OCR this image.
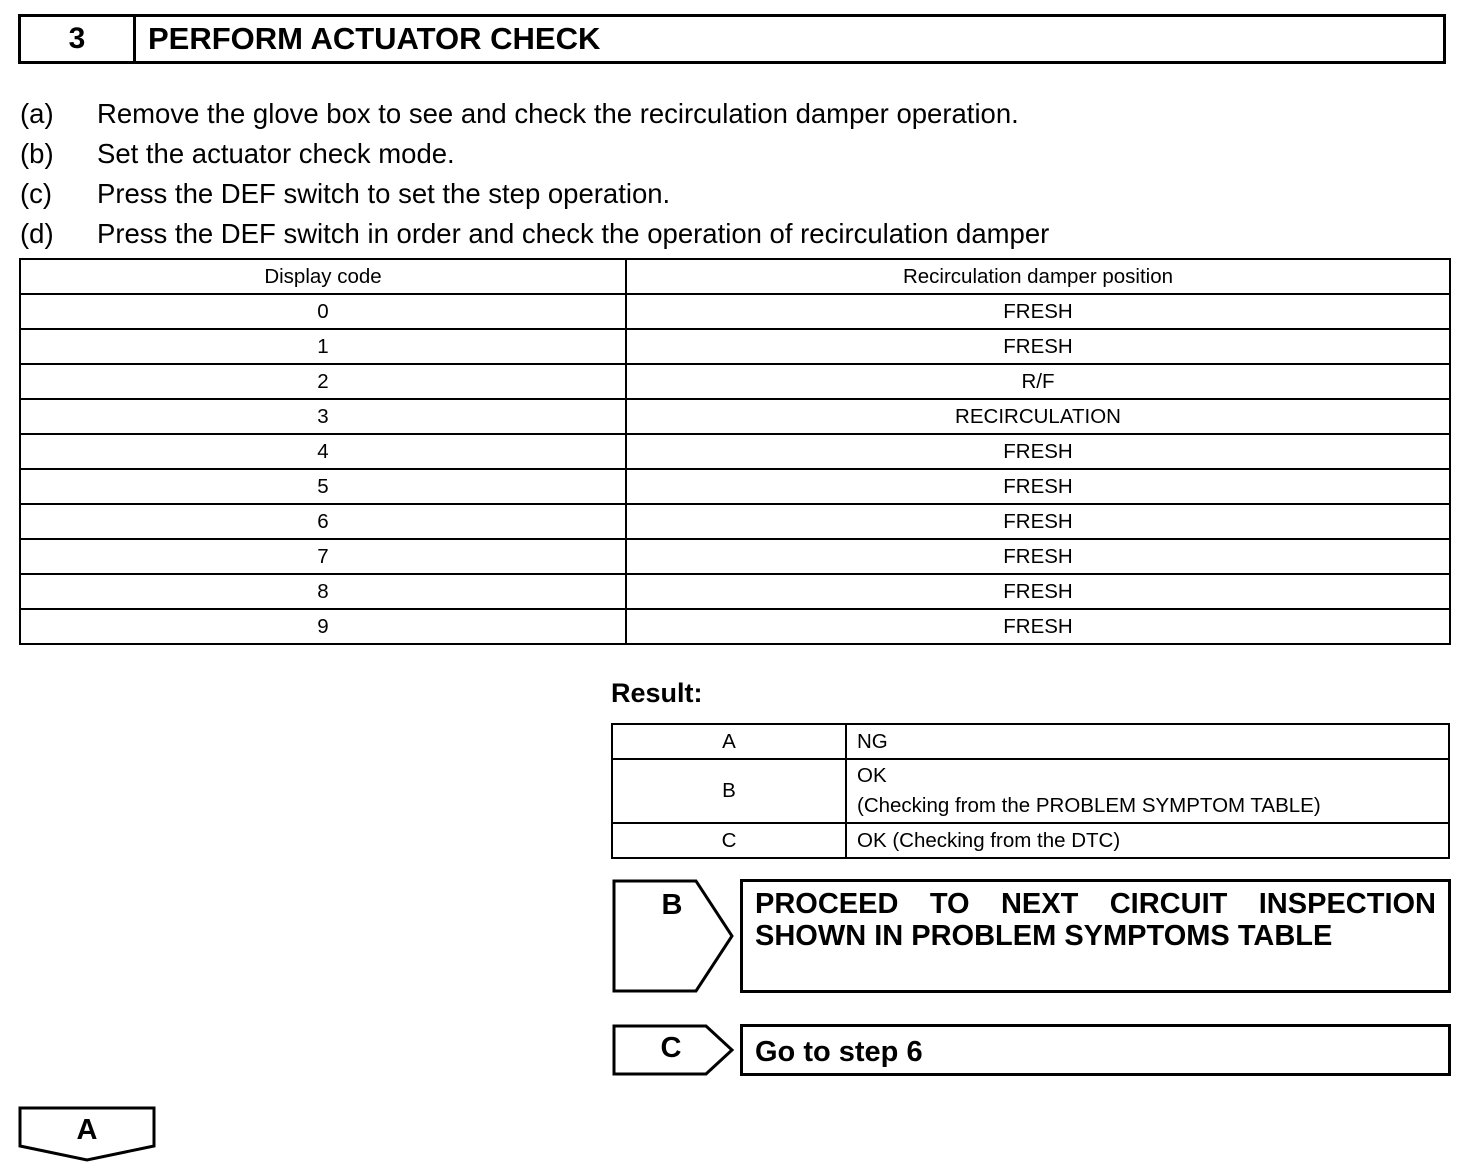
3	PERFORM ACTUATOR CHECK
(a)	Remove the glove box to see and check the recirculation damper operation.
(b)	Set the actuator check mode.
(c)	Press the DEF switch to set the step operation.
(d)	Press the DEF switch in order and check the operation of recirculation damper
Display code	Recirculation damper position
0	FRESH
1	FRESH
2	R/F
3	RECIRCULATION
4	FRESH
5	FRESH
6	FRESH
7	FRESH
8	FRESH
9	FRESH
Result:
A	NG
B	OK
(Checking from the PROBLEM SYMPTOM TABLE)

C	OK (Checking from the DTC)
B	PROCEED TO NEXT CIRCUIT INSPECTION
SHOWN IN PROBLEM SYMPTOMS TABLE
C	Go to step 6
A
